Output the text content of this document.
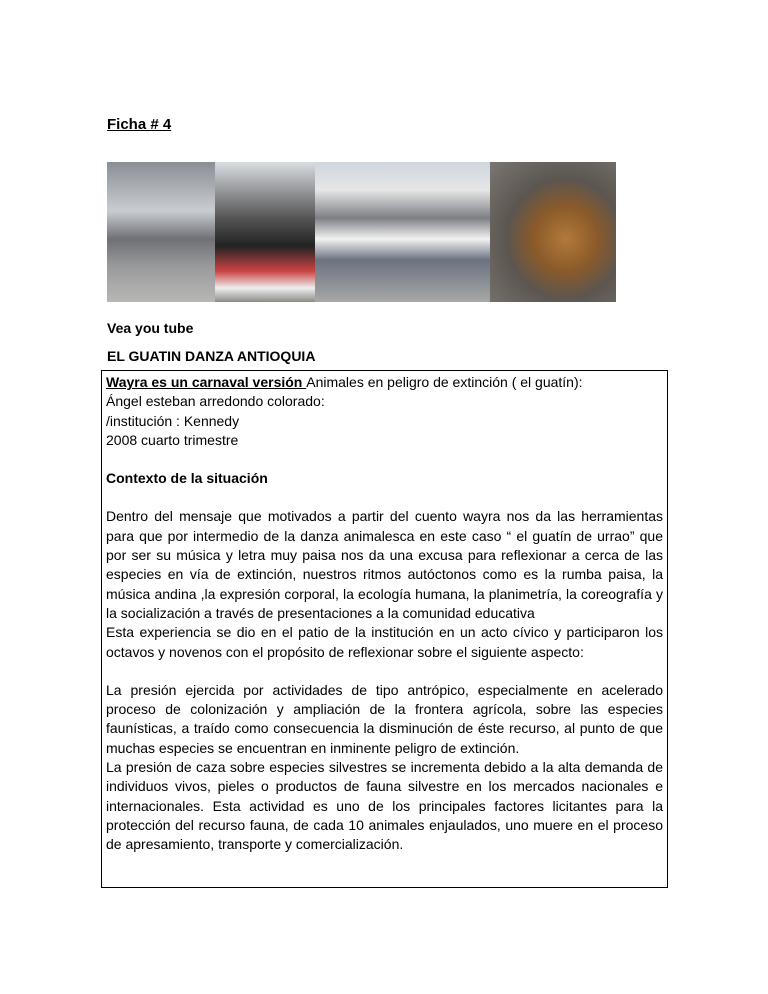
Ficha # 4
Vea you tube
EL GUATIN DANZA ANTIOQUIA
Wayra es un carnaval versión Animales en peligro de extinción ( el guatín):
Ángel esteban arredondo colorado:
/institución : Kennedy
2008 cuarto trimestre
Contexto de la situación

Dentro del mensaje que motivados a partir del cuento wayra nos da las herramientas para que por intermedio de la danza animalesca en este caso “ el guatín de urrao” que por ser su música y letra muy paisa nos da una excusa para reflexionar a cerca de las especies en vía de extinción, nuestros ritmos autóctonos como es la rumba paisa, la música andina ,la expresión corporal, la ecología humana, la planimetría, la coreografía y la socialización a través de presentaciones a la comunidad educativa

Esta experiencia se dio en el patio de la institución en un acto cívico y participaron los octavos y novenos con el propósito de reflexionar sobre el siguiente aspecto:

La presión ejercida por actividades de tipo antrópico, especialmente en acelerado proceso de colonización y ampliación de la frontera agrícola, sobre las especies faunísticas, a traído como consecuencia la disminución de éste recurso, al punto de que muchas especies se encuentran en inminente peligro de extinción.

La presión de caza sobre especies silvestres se incrementa debido a la alta demanda de individuos vivos, pieles o productos de fauna silvestre en los mercados nacionales e internacionales. Esta actividad es uno de los principales factores licitantes para la protección del recurso fauna, de cada 10 animales enjaulados, uno muere en el proceso de apresamiento, transporte y comercialización.
